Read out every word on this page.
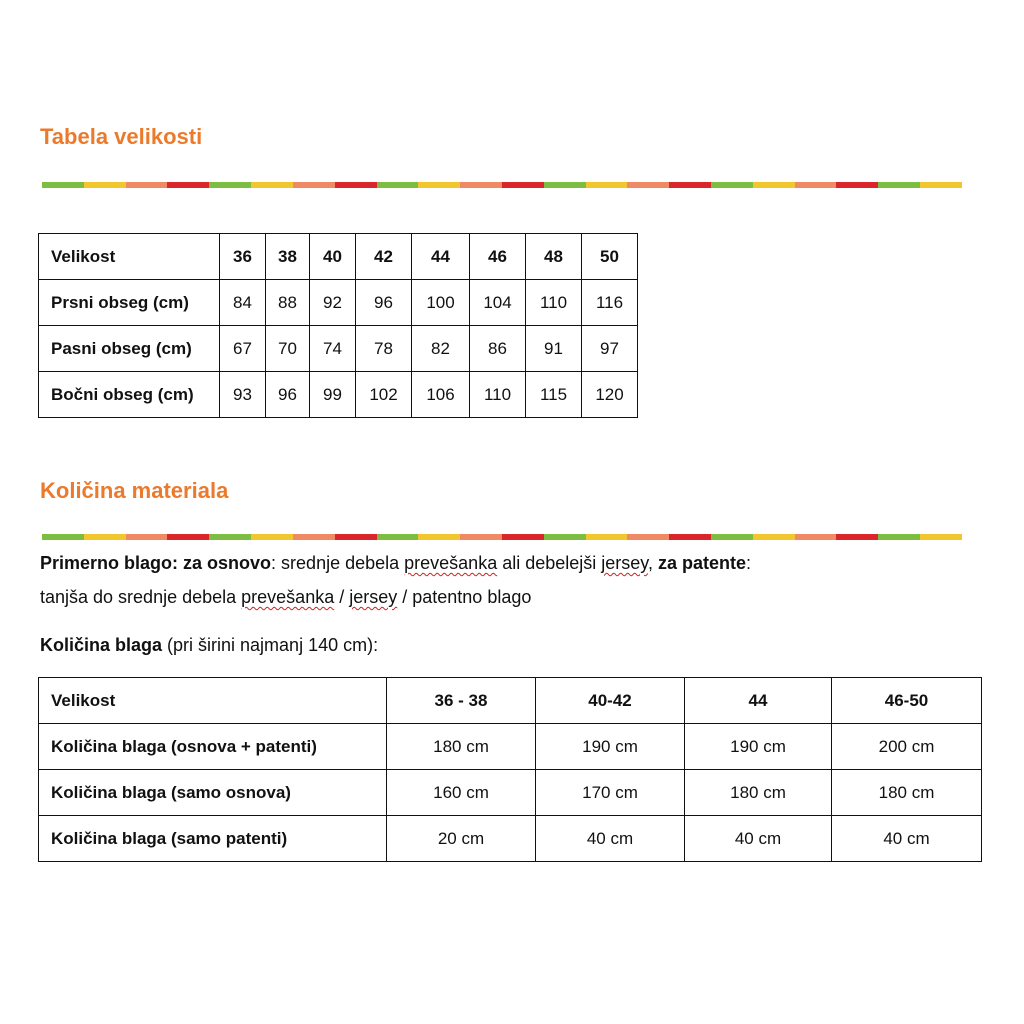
Tabela velikosti
Velikost	36	38	40	42	44	46	48	50
Prsni obseg (cm)	84	88	92	96	100	104	110	116
Pasni obseg (cm)	67	70	74	78	82	86	91	97
Bočni obseg (cm)	93	96	99	102	106	110	115	120
Količina materiala

Primerno blago: za osnovo: srednje debela prevešanka ali debelejši jersey, za patente:
tanjša do srednje debela prevešanka / jersey / patentno blago

Količina blaga (pri širini najmanj 140 cm):

Velikost	36 - 38	40-42	44	46-50
Količina blaga (osnova + patenti)	180 cm	190 cm	190 cm	200 cm
Količina blaga (samo osnova)	160 cm	170 cm	180 cm	180 cm
Količina blaga (samo patenti)	20 cm	40 cm	40 cm	40 cm
